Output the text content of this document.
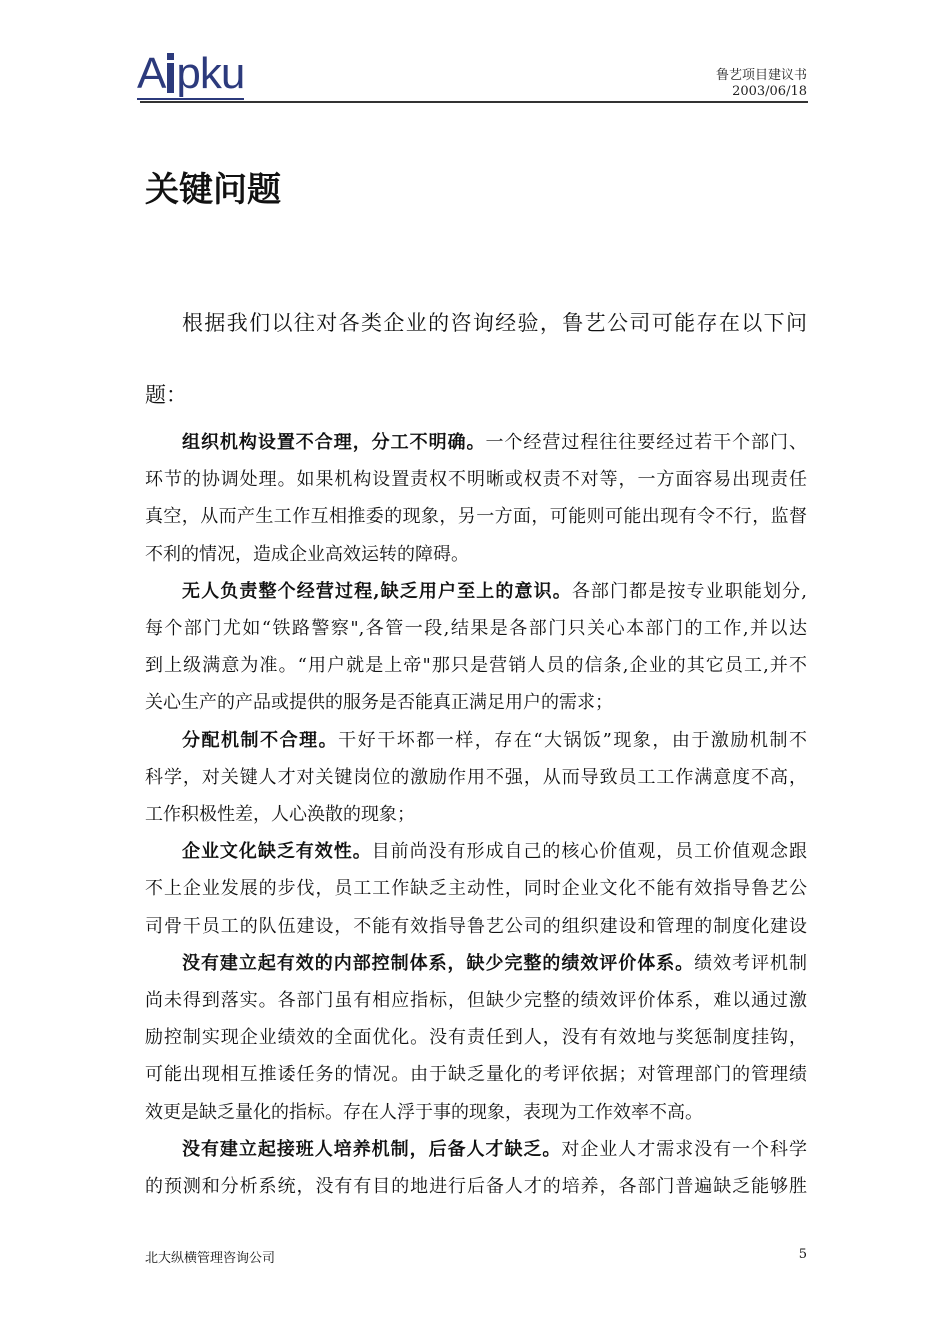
A pku	鲁艺项目建议书
2003/06/18
关键问题
根据我们以往对各类企业的咨询经验，鲁艺公司可能存在以下问
题：
组织机构设置不合理，分工不明确。一个经营过程往往要经过若干个部门、
环节的协调处理。如果机构设置责权不明晰或权责不对等，一方面容易出现责任
真空，从而产生工作互相推委的现象，另一方面，可能则可能出现有令不行，监督
不利的情况，造成企业高效运转的障碍。
无人负责整个经营过程,缺乏用户至上的意识。各部门都是按专业职能划分,
每个部门尤如“铁路警察",各管一段,结果是各部门只关心本部门的工作,并以达
到上级满意为准。“用户就是上帝"那只是营销人员的信条,企业的其它员工,并不
关心生产的产品或提供的服务是否能真正满足用户的需求；
分配机制不合理。干好干坏都一样，存在“大锅饭”现象，由于激励机制不
科学，对关键人才对关键岗位的激励作用不强，从而导致员工工作满意度不高，
工作积极性差，人心涣散的现象；
企业文化缺乏有效性。目前尚没有形成自己的核心价值观，员工价值观念跟
不上企业发展的步伐，员工工作缺乏主动性，同时企业文化不能有效指导鲁艺公
司骨干员工的队伍建设，不能有效指导鲁艺公司的组织建设和管理的制度化建设
没有建立起有效的内部控制体系，缺少完整的绩效评价体系。绩效考评机制
尚未得到落实。各部门虽有相应指标，但缺少完整的绩效评价体系，难以通过激
励控制实现企业绩效的全面优化。没有责任到人，没有有效地与奖惩制度挂钩，
可能出现相互推诿任务的情况。由于缺乏量化的考评依据；对管理部门的管理绩
效更是缺乏量化的指标。存在人浮于事的现象，表现为工作效率不高。
没有建立起接班人培养机制，后备人才缺乏。对企业人才需求没有一个科学
的预测和分析系统，没有有目的地进行后备人才的培养，各部门普遍缺乏能够胜
北大纵横管理咨询公司	5
